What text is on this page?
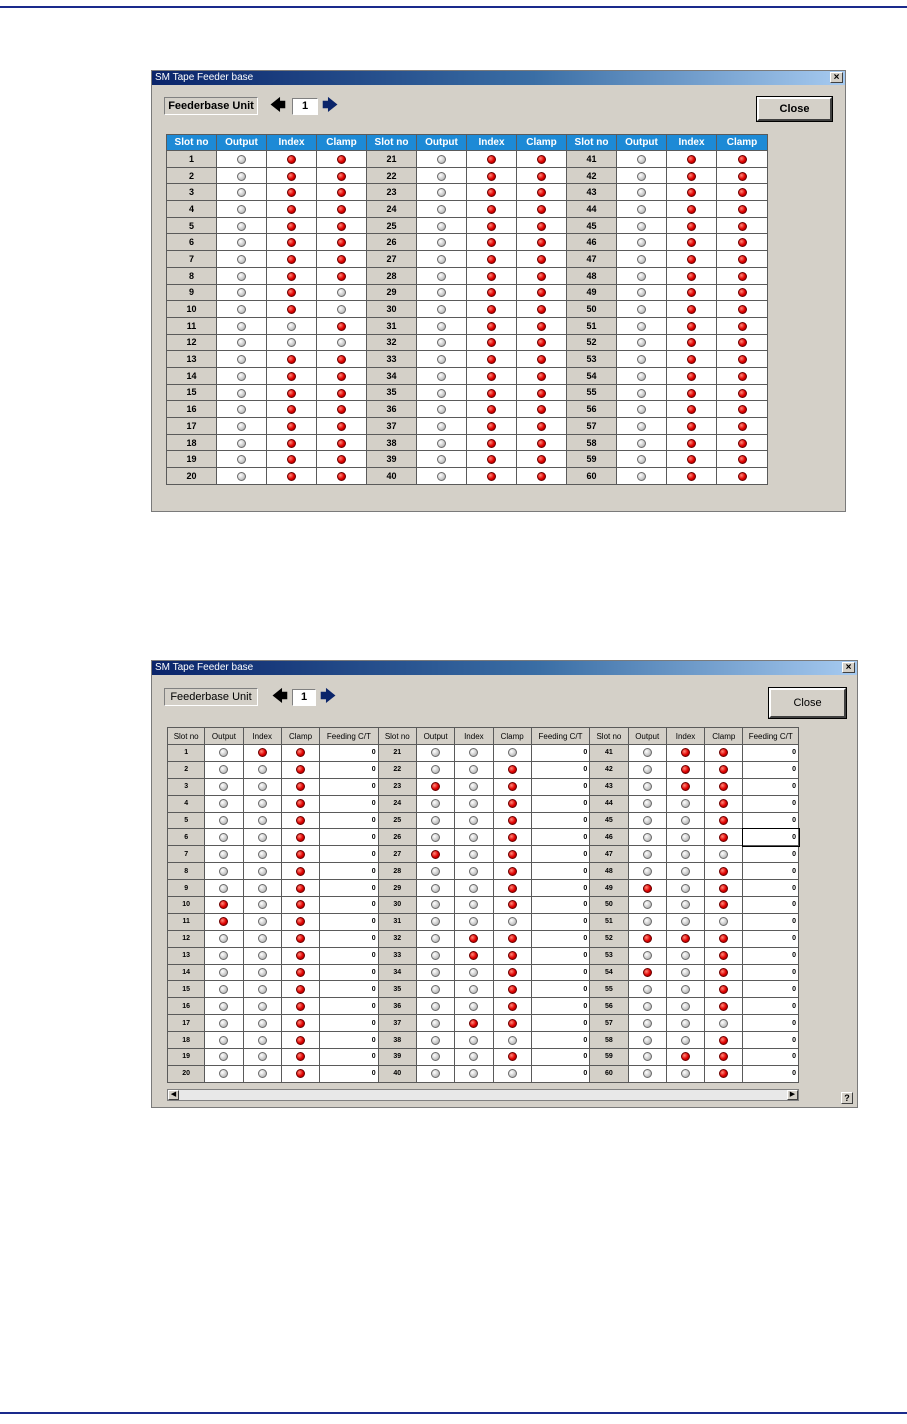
SM Tape Feeder base	×
Feederbase Unit 🡄	1 🡆	Close
Slot no	Output	Index	Clamp	Slot no	Output	Index	Clamp	Slot no	Output	Index	Clamp
1				21				41			
2				22				42			
3				23				43			
4				24				44			
5				25				45			
6				26				46			
7				27				47			
8				28				48			
9				29				49			
10				30				50			
11				31				51			
12				32				52			
13				33				53			
14				34				54			
15				35				55			
16				36				56			
17				37				57			
18				38				58			
19				39				59			
20				40				60			
SM Tape Feeder base	×
Feederbase Unit	🡄	1 🡆	Close
Slot no	Output	Index	Clamp	Feeding C/T	Slot no	Output	Index	Clamp	Feeding C/T	Slot no	Output	Index	Clamp	Feeding C/T
1				0	21				0	41				0
2				0	22				0	42				0
3				0	23				0	43				0
4				0	24				0	44				0
5				0	25				0	45				0
6				0	26				0	46				0
7				0	27				0	47				0
8				0	28				0	48				0
9				0	29				0	49				0
10				0	30				0	50				0
11				0	31				0	51				0
12				0	32				0	52				0
13				0	33				0	53				0
14				0	34				0	54				0
15				0	35				0	55				0
16				0	36				0	56				0
17				0	37				0	57				0
18				0	38				0	58				0
19				0	39				0	59				0
20				0	40				0	60				0
◀	▶	?
